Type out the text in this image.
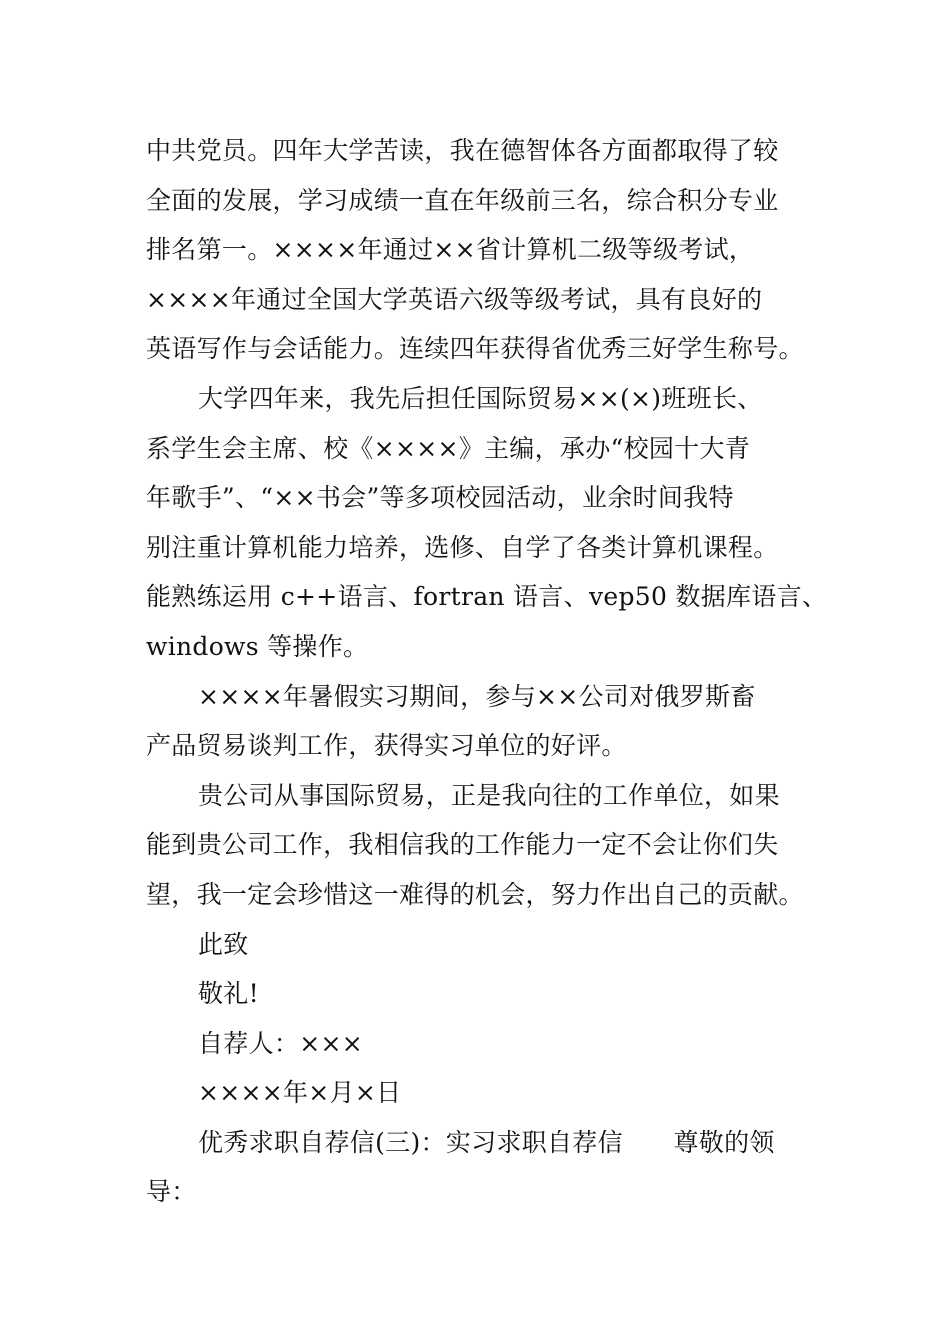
中共党员。四年大学苦读，我在德智体各方面都取得了较
全面的发展，学习成绩一直在年级前三名，综合积分专业
排名第一。××××年通过××省计算机二级等级考试，
××××年通过全国大学英语六级等级考试，具有良好的
英语写作与会话能力。连续四年获得省优秀三好学生称号。
大学四年来，我先后担任国际贸易××(×)班班长、
系学生会主席、校《××××》主编，承办“校园十大青
年歌手”、“××书会”等多项校园活动，业余时间我特
别注重计算机能力培养，选修、自学了各类计算机课程。
能熟练运用 c++语言、fortran 语言、vep50 数据库语言、
windows 等操作。
××××年暑假实习期间，参与××公司对俄罗斯畜
产品贸易谈判工作，获得实习单位的好评。
贵公司从事国际贸易，正是我向往的工作单位，如果
能到贵公司工作，我相信我的工作能力一定不会让你们失
望，我一定会珍惜这一难得的机会，努力作出自己的贡献。
此致
敬礼!
自荐人：×××
××××年×月×日
优秀求职自荐信(三)：实习求职自荐信　　尊敬的领
导：
